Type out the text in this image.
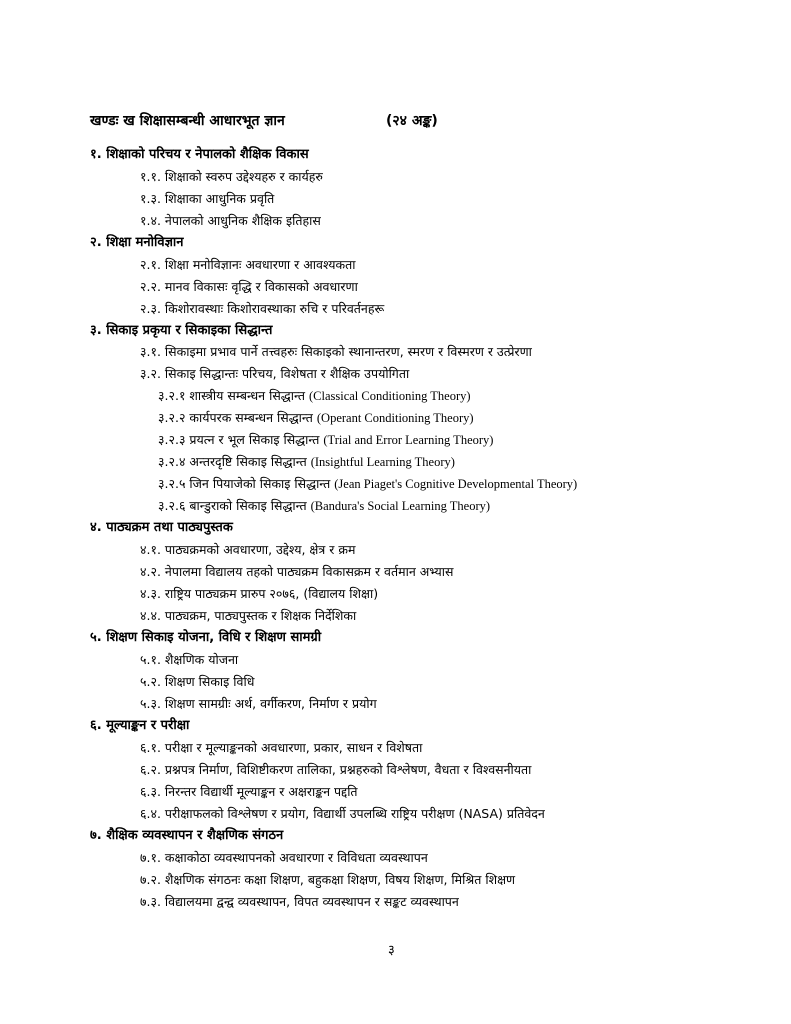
खण्डः ख शिक्षासम्बन्धी आधारभूत ज्ञान	(२४ अङ्क)
१. शिक्षाको परिचय र नेपालको शैक्षिक विकास
१.१. शिक्षाको स्वरुप उद्देश्यहरु र कार्यहरु
१.३. शिक्षाका आधुनिक प्रवृति
१.४. नेपालको आधुनिक शैक्षिक इतिहास
२. शिक्षा मनोविज्ञान
२.१. शिक्षा मनोविज्ञानः अवधारणा र आवश्यकता
२.२. मानव विकासः वृद्धि र विकासको अवधारणा
२.३. किशोरावस्थाः किशोरावस्थाका रुचि र परिवर्तनहरू
३. सिकाइ प्रकृया र सिकाइका सिद्धान्त
३.१. सिकाइमा प्रभाव पार्ने तत्त्वहरुः सिकाइको स्थानान्तरण, स्मरण र विस्मरण र उत्प्रेरणा
३.२. सिकाइ सिद्धान्तः परिचय, विशेषता र शैक्षिक उपयोगिता
३.२.१ शास्त्रीय सम्बन्धन सिद्धान्त (Classical Conditioning Theory)
३.२.२ कार्यपरक सम्बन्धन सिद्धान्त (Operant Conditioning Theory)
३.२.३ प्रयत्न र भूल सिकाइ सिद्धान्त (Trial and Error Learning Theory)
३.२.४ अन्तरदृष्टि सिकाइ सिद्धान्त (Insightful Learning Theory)
३.२.५ जिन पियाजेको सिकाइ सिद्धान्त (Jean Piaget's Cognitive Developmental Theory)
३.२.६ बान्डुराको सिकाइ सिद्धान्त (Bandura's Social Learning Theory)
४. पाठ्यक्रम तथा पाठ्यपुस्तक
४.१. पाठ्यक्रमको अवधारणा, उद्देश्य, क्षेत्र र क्रम
४.२. नेपालमा विद्यालय तहको पाठ्यक्रम विकासक्रम र वर्तमान अभ्यास
४.३. राष्ट्रिय पाठ्यक्रम प्रारुप २०७६, (विद्यालय शिक्षा)
४.४. पाठ्यक्रम, पाठ्यपुस्तक र शिक्षक निर्देशिका
५. शिक्षण सिकाइ योजना, विधि र शिक्षण सामग्री
५.१. शैक्षणिक योजना
५.२. शिक्षण सिकाइ विधि
५.३. शिक्षण सामग्रीः अर्थ, वर्गीकरण, निर्माण र प्रयोग
६. मूल्याङ्कन र परीक्षा
६.१. परीक्षा र मूल्याङ्कनको अवधारणा, प्रकार, साधन र विशेषता
६.२. प्रश्नपत्र निर्माण, विशिष्टीकरण तालिका, प्रश्नहरुको विश्लेषण, वैधता र विश्वसनीयता
६.३. निरन्तर विद्यार्थी मूल्याङ्कन र अक्षराङ्कन पद्दति
६.४. परीक्षाफलको विश्लेषण र प्रयोग, विद्यार्थी उपलब्धि राष्ट्रिय परीक्षण (NASA) प्रतिवेदन
७. शैक्षिक व्यवस्थापन र शैक्षणिक संगठन
७.१. कक्षाकोठा व्यवस्थापनको अवधारणा र विविधता व्यवस्थापन
७.२. शैक्षणिक संगठनः कक्षा शिक्षण, बहुकक्षा शिक्षण, विषय शिक्षण, मिश्रित शिक्षण
७.३. विद्यालयमा द्वन्द्व व्यवस्थापन, विपत व्यवस्थापन र सङ्कट व्यवस्थापन
३
